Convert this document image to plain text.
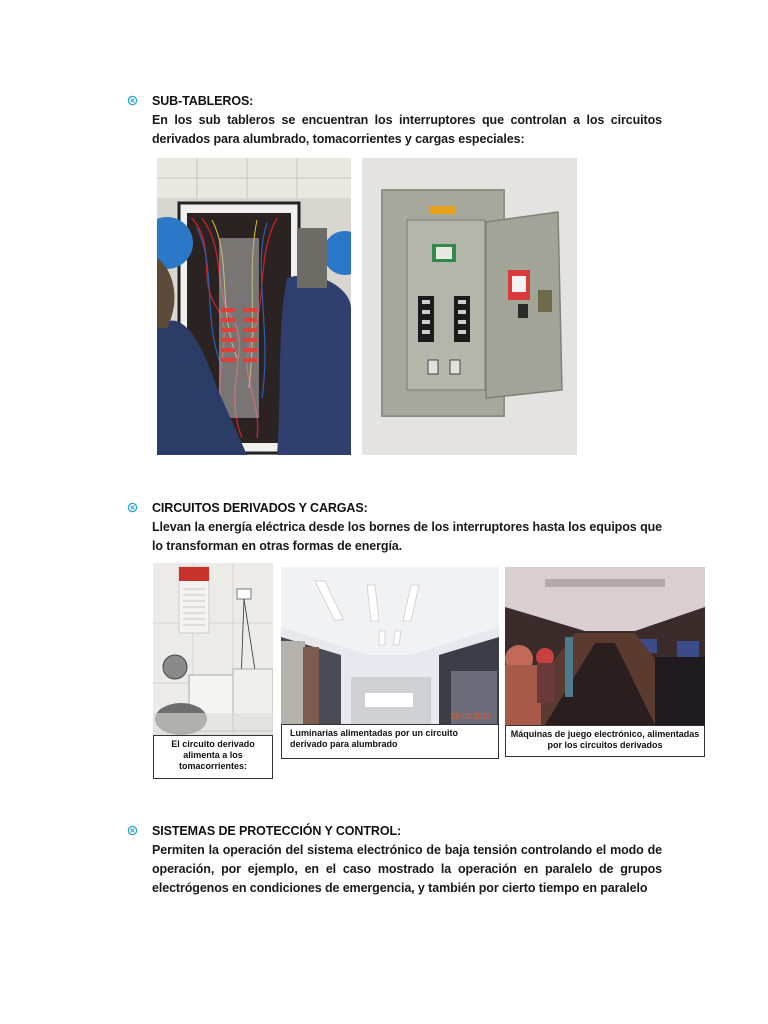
SUB-TABLEROS:
En los sub tableros se encuentran los interruptores que controlan a los circuitos derivados para alumbrado, tomacorrientes y cargas especiales:
CIRCUITOS DERIVADOS Y CARGAS:
Llevan la energía eléctrica desde los bornes de los interruptores hasta los equipos que lo transforman en otras formas de energía.
El circuito derivado alimenta a los tomacorrientes:
29.08.2013
Luminarias alimentadas por un circuito derivado para alumbrado
Máquinas de juego electrónico, alimentadas por los circuitos derivados
SISTEMAS DE PROTECCIÓN Y CONTROL:
Permiten la operación del sistema electrónico de baja tensión controlando el modo de operación, por ejemplo, en el caso mostrado la operación en paralelo de grupos electrógenos en condiciones de emergencia, y también por cierto tiempo en paralelo
